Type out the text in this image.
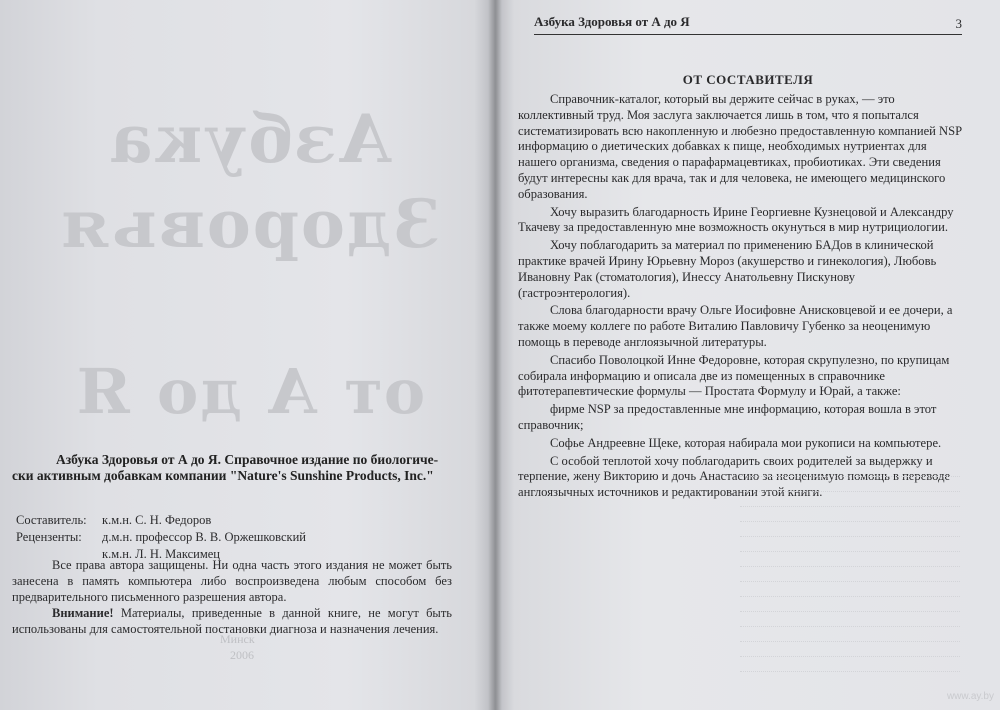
Азбука
Здоровья
от А до Я
Минск
2006
Азбука Здоровья от А до Я. Справочное издание по биологиче-
ски активным добавкам компании "Nature's Sunshine Products, Inc."
Составитель:	к.м.н. С. Н. Федоров
Рецензенты:	д.м.н. профессор В. В. Оржешковский
к.м.н. Л. Н. Максимец

Все права автора защищены. Ни одна часть этого издания не может быть занесена в память компьютера либо воспроизведена любым способом без предварительного письменного разрешения автора.

Внимание! Материалы, приведенные в данной книге, не могут быть использованы для самостоятельной постановки диагноза и назначения лечения.

Азбука Здоровья от А до Я	3
ОТ СОСТАВИТЕЛЯ

Справочник-каталог, который вы держите сейчас в руках, — это коллективный труд. Моя заслуга заключается лишь в том, что я попытался систематизировать всю накопленную и любезно предоставленную компанией NSP информацию о диетических добавках к пище, необходимых нутриентах для нашего организма, сведения о парафармацевтиках, пробиотиках. Эти сведения будут интересны как для врача, так и для человека, не имеющего медицинского образования.

Хочу выразить благодарность Ирине Георгиевне Кузнецовой и Александру Ткачеву за предоставленную мне возможность окунуться в мир нутрициологии.

Хочу поблагодарить за материал по применению БАДов в клинической практике врачей Ирину Юрьевну Мороз (акушерство и гинекология), Любовь Ивановну Рак (стоматология), Инессу Анатольевну Пискунову (гастроэнтерология).

Слова благодарности врачу Ольге Иосифовне Анисковцевой и ее дочери, а также моему коллеге по работе Виталию Павловичу Губенко за неоценимую помощь в переводе англоязычной литературы.

Спасибо Поволоцкой Инне Федоровне, которая скрупулезно, по крупицам собирала информацию и описала две из помещенных в справочнике фитотерапевтические формулы — Простата Формулу и Юрай, а также:

фирме NSP за предоставленные мне информацию, которая вошла в этот справочник;

Софье Андреевне Щеке, которая набирала мои рукописи на компьютере.

С особой теплотой хочу поблагодарить своих родителей за выдержку и терпение, жену Викторию и дочь Анастасию за неоценимую помощь в переводе англоязычных источников и редактировании этой книги.

www.ay.by
